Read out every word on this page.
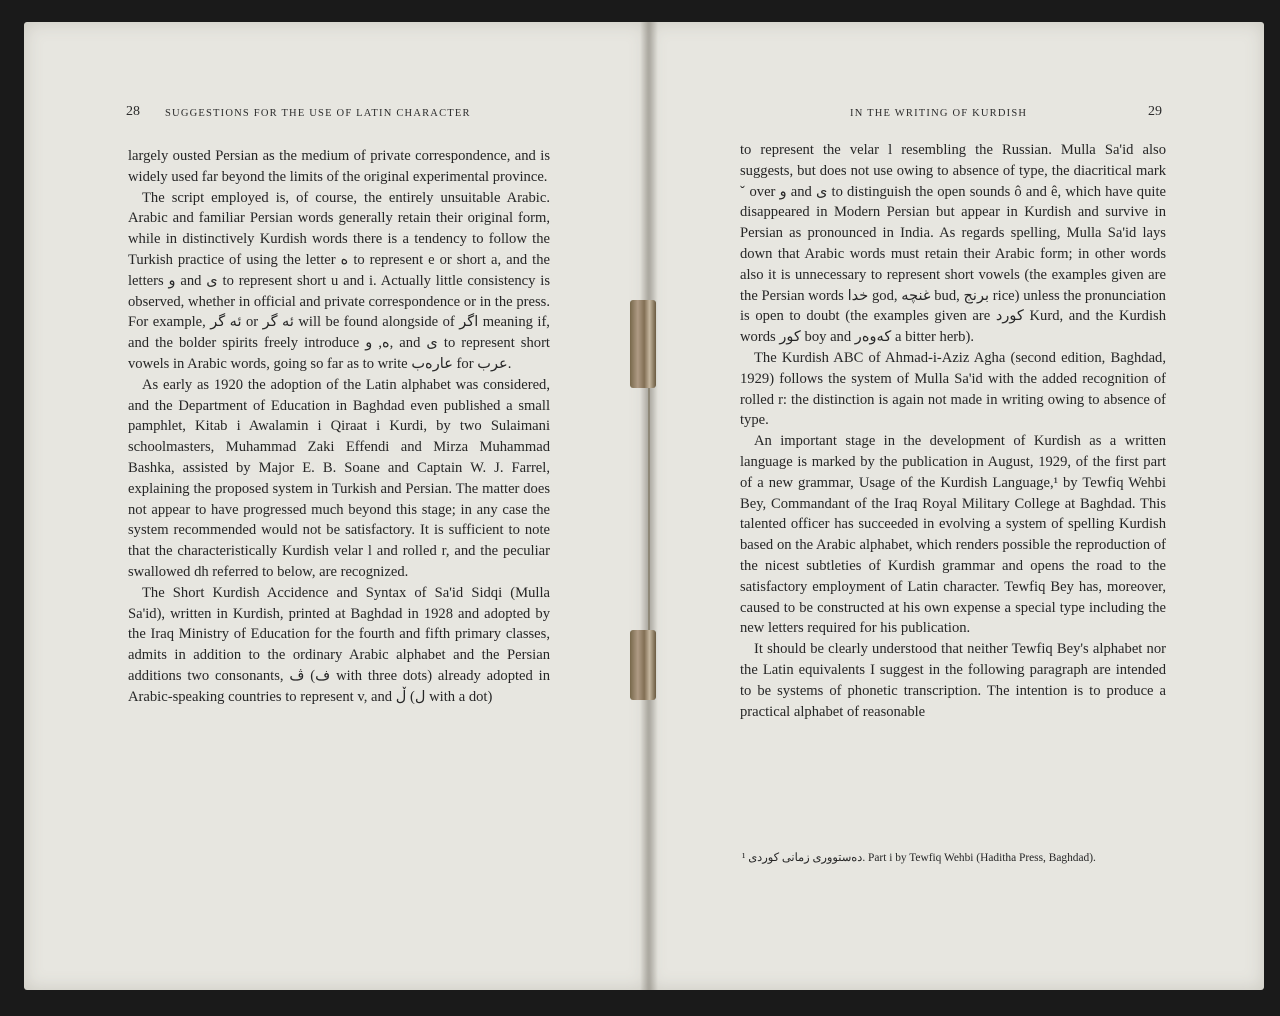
28 SUGGESTIONS FOR THE USE OF LATIN CHARACTER

largely ousted Persian as the medium of private correspondence, and is widely used far beyond the limits of the original experimental province.

The script employed is, of course, the entirely unsuitable Arabic. Arabic and familiar Persian words generally retain their original form, while in distinctively Kurdish words there is a tendency to follow the Turkish practice of using the letter ه to represent e or short a, and the letters و and ی to represent short u and i. Actually little consistency is observed, whether in official and private correspondence or in the press. For example, ئه گر or ئه گر will be found alongside of اگر meaning if, and the bolder spirits freely introduce ه, و, and ی to represent short vowels in Arabic words, going so far as to write عارەب for عرب.

As early as 1920 the adoption of the Latin alphabet was considered, and the Department of Education in Baghdad even published a small pamphlet, Kitab i Awalamin i Qiraat i Kurdi, by two Sulaimani schoolmasters, Muhammad Zaki Effendi and Mirza Muhammad Bashka, assisted by Major E. B. Soane and Captain W. J. Farrel, explaining the proposed system in Turkish and Persian. The matter does not appear to have progressed much beyond this stage; in any case the system recommended would not be satisfactory. It is sufficient to note that the characteristically Kurdish velar l and rolled r, and the peculiar swallowed dh referred to below, are recognized.

The Short Kurdish Accidence and Syntax of Sa'id Sidqi (Mulla Sa'id), written in Kurdish, printed at Baghdad in 1928 and adopted by the Iraq Ministry of Education for the fourth and fifth primary classes, admits in addition to the ordinary Arabic alphabet and the Persian additions two consonants, ڤ (ف with three dots) already adopted in Arabic-speaking countries to represent v, and ڵ (ل with a dot)

IN THE WRITING OF KURDISH	29

to represent the velar l resembling the Russian. Mulla Sa'id also suggests, but does not use owing to absence of type, the diacritical mark ˇ over و and ی to distinguish the open sounds ô and ê, which have quite disappeared in Modern Persian but appear in Kurdish and survive in Persian as pronounced in India. As regards spelling, Mulla Sa'id lays down that Arabic words must retain their Arabic form; in other words also it is unnecessary to represent short vowels (the examples given are the Persian words خدا god, غنچه bud, برنج rice) unless the pronunciation is open to doubt (the examples given are کورد Kurd, and the Kurdish words کور boy and کەوەر a bitter herb).

The Kurdish ABC of Ahmad-i-Aziz Agha (second edition, Baghdad, 1929) follows the system of Mulla Sa'id with the added recognition of rolled r: the distinction is again not made in writing owing to absence of type.

An important stage in the development of Kurdish as a written language is marked by the publication in August, 1929, of the first part of a new grammar, Usage of the Kurdish Language,¹ by Tewfiq Wehbi Bey, Commandant of the Iraq Royal Military College at Baghdad. This talented officer has succeeded in evolving a system of spelling Kurdish based on the Arabic alphabet, which renders possible the reproduction of the nicest subtleties of Kurdish grammar and opens the road to the satisfactory employment of Latin character. Tewfiq Bey has, moreover, caused to be constructed at his own expense a special type including the new letters required for his publication.

It should be clearly understood that neither Tewfiq Bey's alphabet nor the Latin equivalents I suggest in the following paragraph are intended to be systems of phonetic transcription. The intention is to produce a practical alphabet of reasonable

¹ دەستووری زمانی کوردی. Part i by Tewfiq Wehbi (Haditha Press, Baghdad).
